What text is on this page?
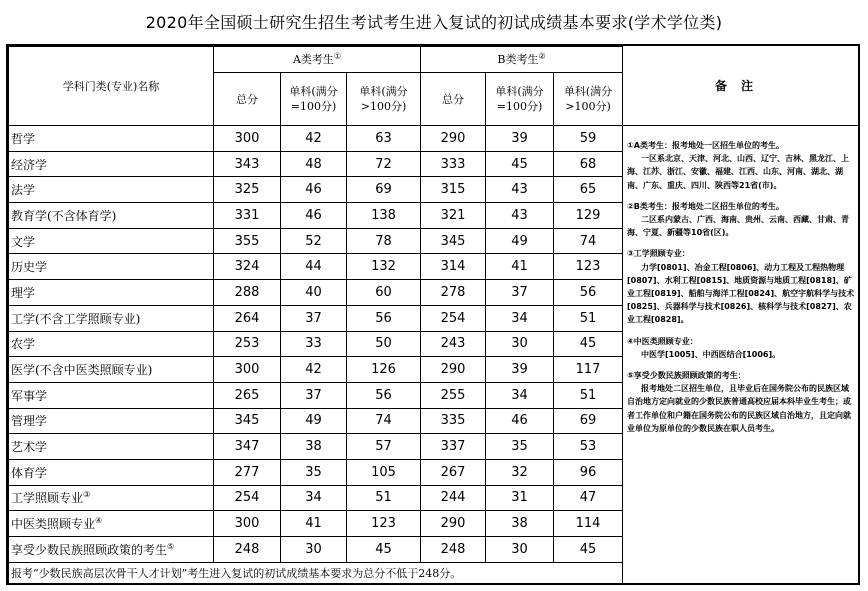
2020年全国硕士研究生招生考试考生进入复试的初试成绩基本要求(学术学位类)
学科门类(专业)名称	A类考生①			B类考生②
	总分	单科(满分=100分)	单科(满分>100分)	总分	单科(满分=100分)	单科(满分>100分)
哲学	300	42	63	290	39	59
经济学	343	48	72	333	45	68
法学	325	46	69	315	43	65
教育学(不含体育学)	331	46	138	321	43	129
文学	355	52	78	345	49	74
历史学	324	44	132	314	41	123
理学	288	40	60	278	37	56
工学(不含工学照顾专业)	264	37	56	254	34	51
农学	253	33	50	243	30	45
医学(不含中医类照顾专业)	300	42	126	290	39	117
军事学	265	37	56	255	34	51
管理学	345	49	74	335	46	69
艺术学	347	38	57	337	35	53
体育学	277	35	105	267	32	96
工学照顾专业③	254	34	51	244	31	47
中医类照顾专业④	300	41	123	290	38	114
享受少数民族照顾政策的考生⑤	248	30	45	248	30	45
报考“少数民族高层次骨干人才计划”考生进入复试的初试成绩基本要求为总分不低于248分。						
备注
①A类考生：报考地处一区招生单位的考生。
一区系北京、天津、河北、山西、辽宁、吉林、黑龙江、上海、江苏、浙江、安徽、福建、江西、山东、河南、湖北、湖南、广东、重庆、四川、陕西等21省(市)。
②B类考生：报考地处二区招生单位的考生。
二区系内蒙古、广西、海南、贵州、云南、西藏、甘肃、青海、宁夏、新疆等10省(区)。
③工学照顾专业：
力学[0801]、冶金工程[0806]、动力工程及工程热物理[0807]、水利工程[0815]、地质资源与地质工程[0818]、矿业工程[0819]、船舶与海洋工程[0824]、航空宇航科学与技术[0825]、兵器科学与技术[0826]、核科学与技术[0827]、农业工程[0828]。
④中医类照顾专业：
中医学[1005]、中西医结合[1006]。
⑤享受少数民族照顾政策的考生：
报考地处二区招生单位，且毕业后在国务院公布的民族区域自治地方定向就业的少数民族普通高校应届本科毕业生考生；或者工作单位和户籍在国务院公布的民族区域自治地方，且定向就业单位为原单位的少数民族在职人员考生。
